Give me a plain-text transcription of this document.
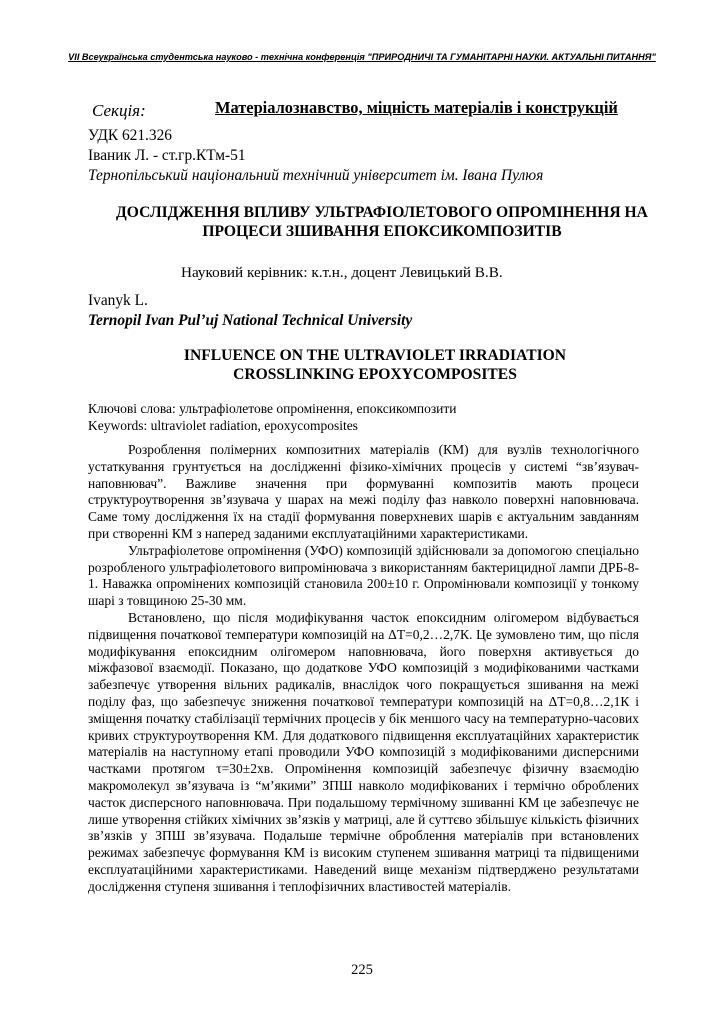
VII Всеукраїнська студентська науково - технічна конференція "ПРИРОДНИЧІ ТА ГУМАНІТАРНІ НАУКИ. АКТУАЛЬНІ ПИТАННЯ"
Секція:	Матеріалознавство, міцність матеріалів і конструкцій
УДК 621.326
Іваник Л. - ст.гр.КТм-51
Тернопільський національний технічний університет ім. Івана Пулюя
ДОСЛІДЖЕННЯ ВПЛИВУ УЛЬТРАФІОЛЕТОВОГО ОПРОМІНЕННЯ НА ПРОЦЕСИ ЗШИВАННЯ ЕПОКСИКОМПОЗИТІВ
Науковий керівник: к.т.н., доцент Левицький В.В.
Ivanyk L.
Ternopil Ivan Pul’uj National Technical University
INFLUENCE ON THE ULTRAVIOLET IRRADIATION CROSSLINKING EPOXYCOMPOSITES
Ключові слова: ультрафіолетове опромінення, епоксикомпозити
Keywords: ultraviolet radiation, epoxycomposites

Розроблення полімерних композитних матеріалів (КМ) для вузлів технологічного устаткування грунтується на дослідженні фізико-хімічних процесів у системі “зв’язувач-наповнювач”. Важливе значення при формуванні композитів мають процеси структуроутворення зв’язувача у шарах на межі поділу фаз навколо поверхні наповнювача. Саме тому дослідження їх на стадії формування поверхневих шарів є актуальним завданням при створенні КМ з наперед заданими експлуатаційними характеристиками.

Ультрафіолетове опромінення (УФО) композицій здійснювали за допомогою спеціально розробленого ультрафіолетового випромінювача з використанням бактерицидної лампи ДРБ-8-1. Наважка опромінених композицій становила 200±10 г. Опромінювали композиції у тонкому шарі з товщиною 25-30 мм.

Встановлено, що після модифікування часток епоксидним олігомером відбувається підвищення початкової температури композицій на ΔT=0,2…2,7К. Це зумовлено тим, що після модифікування епоксидним олігомером наповнювача, його поверхня активується до міжфазової взаємодії. Показано, що додаткове УФО композицій з модифікованими частками забезпечує утворення вільних радикалів, внаслідок чого покращується зшивання на межі поділу фаз, що забезпечує зниження початкової температури композицій на ΔT=0,8…2,1К і зміщення початку стабілізації термічних процесів у бік меншого часу на температурно-часових кривих структуроутворення КМ. Для додаткового підвищення експлуатаційних характеристик матеріалів на наступному етапі проводили УФО композицій з модифікованими дисперсними частками протягом τ=30±2хв. Опромінення композицій забезпечує фізичну взаємодію макромолекул зв’язувача із “м’якими” ЗПШ навколо модифікованих і термічно оброблених часток дисперсного наповнювача. При подальшому термічному зшиванні КМ це забезпечує не лише утворення стійких хімічних зв’язків у матриці, але й суттєво збільшує кількість фізичних зв’язків у ЗПШ зв’язувача. Подальше термічне оброблення матеріалів при встановлених режимах забезпечує формування КМ із високим ступенем зшивання матриці та підвищеними експлуатаційними характеристиками. Наведений вище механізм підтверджено результатами дослідження ступеня зшивання і теплофізичних властивостей матеріалів.

225
